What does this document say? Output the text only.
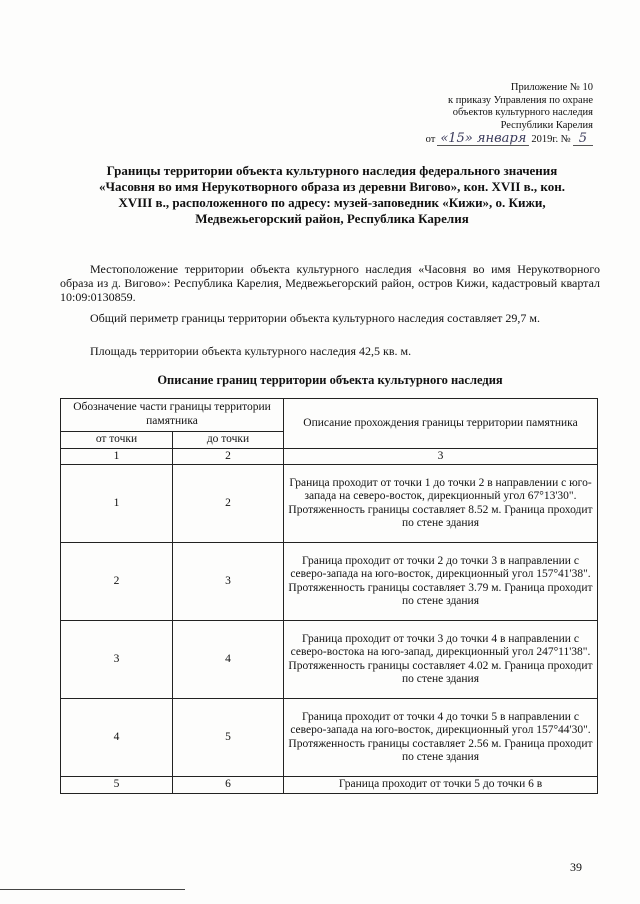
Приложение № 10
к приказу Управления по охране
объектов культурного наследия
Республики Карелия
от «15» января 2019г. № 5
Границы территории объекта культурного наследия федерального значения
«Часовня во имя Нерукотворного образа из деревни Вигово», кон. XVII в., кон.
XVIII в., расположенного по адресу: музей-заповедник «Кижи», о. Кижи,
Медвежьегорский район, Республика Карелия
Местоположение территории объекта культурного наследия «Часовня во имя Нерукотворного образа из д. Вигово»: Республика Карелия, Медвежьегорский район, остров Кижи, кадастровый квартал 10:09:0130859.
Общий периметр границы территории объекта культурного наследия составляет 29,7 м.
Площадь территории объекта культурного наследия 42,5 кв. м.
Описание границ территории объекта культурного наследия
Обозначение части границы территории памятника		Описание прохождения границы территории памятника
от точки	до точки	
1	2	3
1	2	Граница проходит от точки 1 до точки 2 в направлении с юго-запада на северо-восток, дирекционный угол 67°13'30". Протяженность границы составляет 8.52 м. Граница проходит по стене здания
2	3	Граница проходит от точки 2 до точки 3 в направлении с северо-запада на юго-восток, дирекционный угол 157°41'38". Протяженность границы составляет 3.79 м. Граница проходит по стене здания
3	4	Граница проходит от точки 3 до точки 4 в направлении с северо-востока на юго-запад, дирекционный угол 247°11'38". Протяженность границы составляет 4.02 м. Граница проходит по стене здания
4	5	Граница проходит от точки 4 до точки 5 в направлении с северо-запада на юго-восток, дирекционный угол 157°44'30". Протяженность границы составляет 2.56 м. Граница проходит по стене здания
5	6	Граница проходит от точки 5 до точки 6 в
39
